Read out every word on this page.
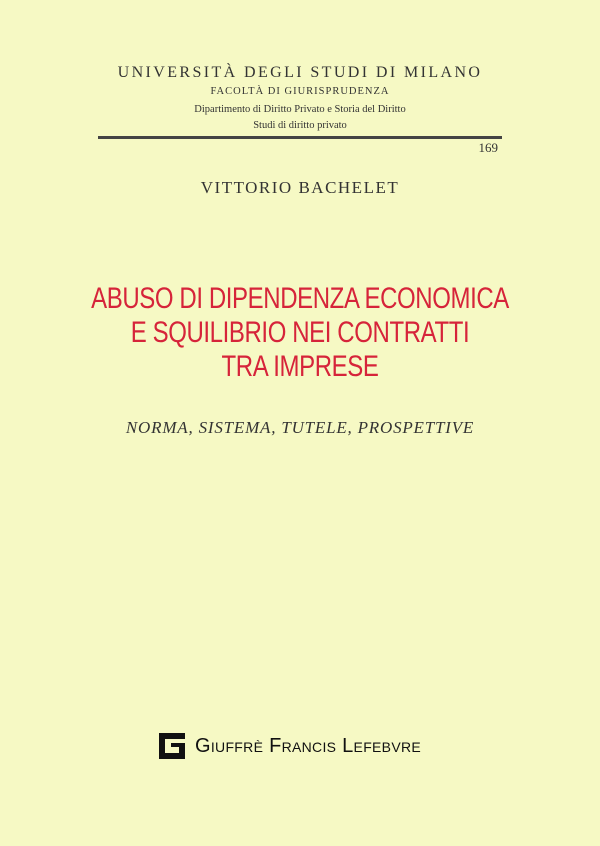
UNIVERSITÀ DEGLI STUDI DI MILANO
FACOLTÀ DI GIURISPRUDENZA
Dipartimento di Diritto Privato e Storia del Diritto
Studi di diritto privato
169
VITTORIO BACHELET
ABUSO DI DIPENDENZA ECONOMICA
E SQUILIBRIO NEI CONTRATTI
TRA IMPRESE
NORMA, SISTEMA, TUTELE, PROSPETTIVE
Giuffrè Francis Lefebvre
